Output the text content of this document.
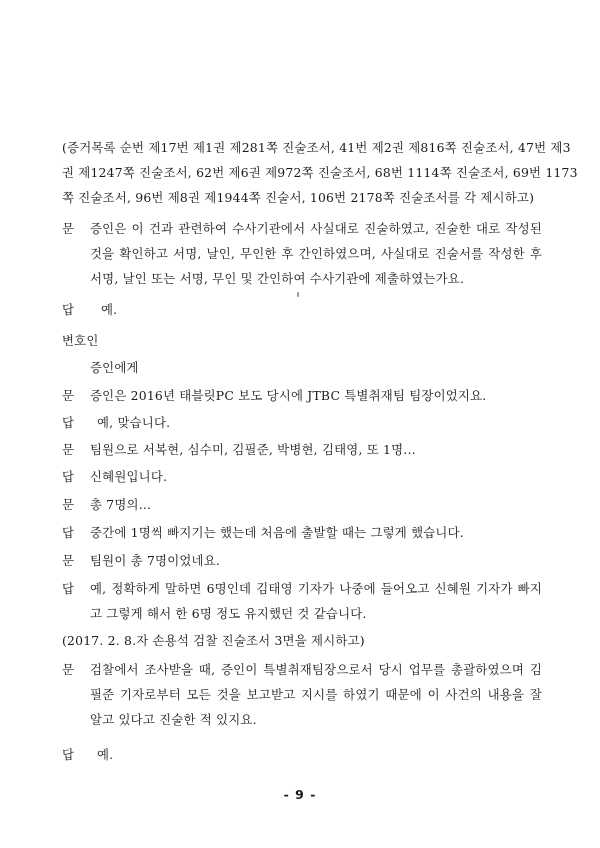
(증거목록 순번 제17번 제1권 제281쪽 진술조서, 41번 제2권 제816쪽 진술조서, 47번 제3

권 제1247쪽 진술조서, 62번 제6권 제972쪽 진술조서, 68번 1114쪽 진술조서, 69번 1173

쪽 진술조서, 96번 제8권 제1944쪽 진술서, 106번 2178쪽 진술조서를 각 제시하고)

문 증인은 이 건과 관련하여 수사기관에서 사실대로 진술하였고, 진술한 대로 작성된

것을 확인하고 서명, 날인, 무인한 후 간인하였으며, 사실대로 진술서를 작성한 후

서명, 날인 또는 서명, 무인 및 간인하여 수사기관에 제출하였는가요.

답 예.

변호인

증인에게

문 증인은 2016년 태블릿PC 보도 당시에 JTBC 특별취재팀 팀장이었지요.

답 예, 맞습니다.

문 팀원으로 서복현, 심수미, 김필준, 박병현, 김태영, 또 1명...

답 신혜원입니다.

문 총 7명의...

답 중간에 1명씩 빠지기는 했는데 처음에 출발할 때는 그렇게 했습니다.

문 팀원이 총 7명이었네요.

답 예, 정확하게 말하면 6명인데 김태영 기자가 나중에 들어오고 신혜원 기자가 빠지

고 그렇게 해서 한 6명 정도 유지했던 것 같습니다.

(2017. 2. 8.자 손용석 검찰 진술조서 3면을 제시하고)

문 검찰에서 조사받을 때, 증인이 특별취재팀장으로서 당시 업무를 총괄하였으며 김

필준 기자로부터 모든 것을 보고받고 지시를 하였기 때문에 이 사건의 내용을 잘

알고 있다고 진술한 적 있지요.

답 예.

- 9 -
